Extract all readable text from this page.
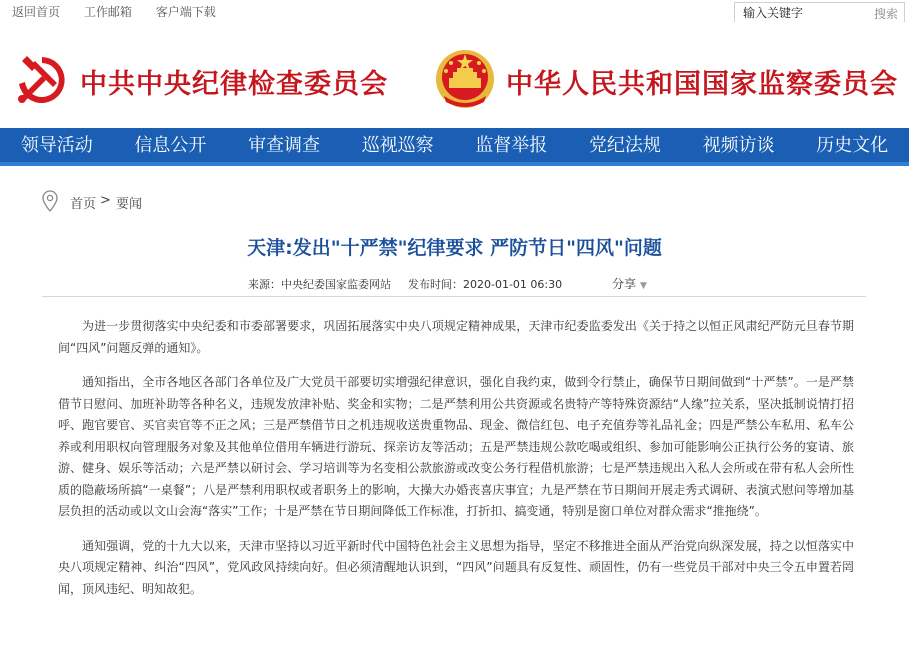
返回首页 工作邮箱 客户端下载
输入关键字	搜索
中共中央纪律检查委员会	中华人民共和国国家监察委员会
领导活动	信息公开	审查调查	巡视巡察	监督举报	党纪法规	视频访谈	历史文化
首页 > 要闻
天津:发出"十严禁"纪律要求 严防节日"四风"问题
来源：中央纪委国家监委网站 发布时间：2020-01-01 06:30	分享 ▼

为进一步贯彻落实中央纪委和市委部署要求，巩固拓展落实中央八项规定精神成果，天津市纪委监委发出《关于持之以恒正风肃纪严防元旦春节期间“四风”问题反弹的通知》。

通知指出，全市各地区各部门各单位及广大党员干部要切实增强纪律意识，强化自我约束，做到令行禁止，确保节日期间做到“十严禁”。一是严禁借节日慰问、加班补助等各种名义，违规发放津补贴、奖金和实物；二是严禁利用公共资源或名贵特产等特殊资源结“人缘”拉关系，坚决抵制说情打招呼、跑官要官、买官卖官等不正之风；三是严禁借节日之机违规收送贵重物品、现金、微信红包、电子充值券等礼品礼金；四是严禁公车私用、私车公养或利用职权向管理服务对象及其他单位借用车辆进行游玩、探亲访友等活动；五是严禁违规公款吃喝或组织、参加可能影响公正执行公务的宴请、旅游、健身、娱乐等活动；六是严禁以研讨会、学习培训等为名变相公款旅游或改变公务行程借机旅游；七是严禁违规出入私人会所或在带有私人会所性质的隐蔽场所搞“一桌餐”；八是严禁利用职权或者职务上的影响，大操大办婚丧喜庆事宜；九是严禁在节日期间开展走秀式调研、表演式慰问等增加基层负担的活动或以文山会海“落实”工作；十是严禁在节日期间降低工作标准，打折扣、搞变通，特别是窗口单位对群众需求“推拖绕”。

通知强调，党的十九大以来，天津市坚持以习近平新时代中国特色社会主义思想为指导，坚定不移推进全面从严治党向纵深发展，持之以恒落实中央八项规定精神、纠治“四风”，党风政风持续向好。但必须清醒地认识到，“四风”问题具有反复性、顽固性，仍有一些党员干部对中央三令五申置若罔闻，顶风违纪、明知故犯。
